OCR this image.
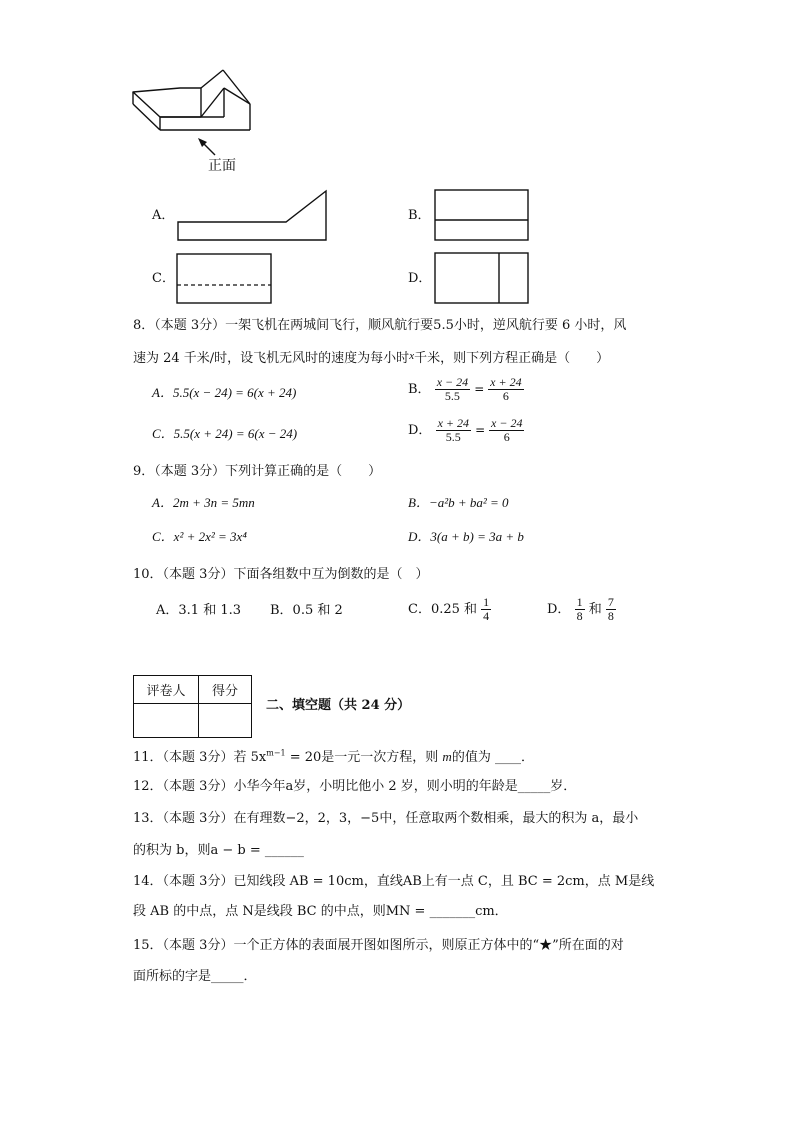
正面
A．	B．
C．	D．
8．（本题 3分）一架飞机在两城间飞行，顺风航行要5.5小时，逆风航行要 6 小时，风
速为 24 千米/时，设飞机无风时的速度为每小时$^x$千米，则下列方程正确是（　　）
A．5.5(x − 24) = 6(x + 24)	B． $\frac{x - 24}{5.5} = \frac{x + 24}{6}$
C．5.5(x + 24) = 6(x − 24)	D． $\frac{x + 24}{5.5} = \frac{x - 24}{6}$
9．（本题 3分）下列计算正确的是（　　）
A．2m + 3n = 5mn	B．−a²b + ba² = 0
C．x² + 2x² = 3x⁴	D．3(a + b) = 3a + b
10．（本题 3分）下面各组数中互为倒数的是（　）
A．3.1 和 1.3 B．0.5 和 2	C．0.25 和 $\frac{1}{4}$	D． $\frac{1}{8}$ 和 $\frac{7}{8}$
评卷人	得分

二、填空题（共 24 分）
11．（本题 3分）若 $5x^{m-1} = 20$是一元一次方程，则 m的值为 ____．
12．（本题 3分）小华今年a岁，小明比他小 2 岁，则小明的年龄是_____岁．
13．（本题 3分）在有理数−2，2，3，−5中，任意取两个数相乘，最大的积为 a，最小
的积为 b，则a − b = ______
14．（本题 3分）已知线段 AB = 10cm，直线AB上有一点 C，且 BC = 2cm，点 M是线
段 AB 的中点，点 N是线段 BC 的中点，则MN = _______cm．
15．（本题 3分）一个正方体的表面展开图如图所示，则原正方体中的“★”所在面的对
面所标的字是_____．
